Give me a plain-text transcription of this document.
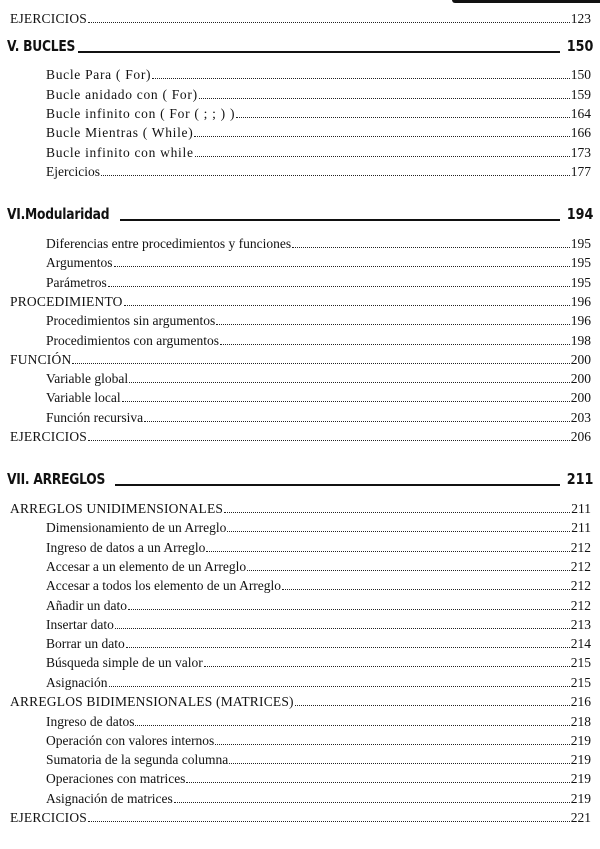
EJERCICIOS	123
V. BUCLES	150
Bucle Para ( For)	150
Bucle anidado con ( For)	159
Bucle infinito con ( For ( ; ; ) )	164
Bucle Mientras ( While)	166
Bucle infinito con while	173
Ejercicios	177
VI.Modularidad	194
Diferencias entre procedimientos y funciones	195
Argumentos	195
Parámetros	195
PROCEDIMIENTO	196
Procedimientos sin argumentos	196
Procedimientos con argumentos	198
FUNCIÓN	200
Variable global	200
Variable local	200
Función recursiva	203
EJERCICIOS	206
VII. ARREGLOS	211
ARREGLOS UNIDIMENSIONALES	211
Dimensionamiento de un Arreglo	211
Ingreso de datos a un Arreglo	212
Accesar a un elemento de un Arreglo	212
Accesar a todos los elemento de un Arreglo	212
Añadir un dato	212
Insertar dato	213
Borrar un dato	214
Búsqueda simple de un valor	215
Asignación	215
ARREGLOS BIDIMENSIONALES (MATRICES)	216
Ingreso de datos	218
Operación con valores internos	219
Sumatoria de la segunda columna	219
Operaciones con matrices	219
Asignación de matrices	219
EJERCICIOS	221
